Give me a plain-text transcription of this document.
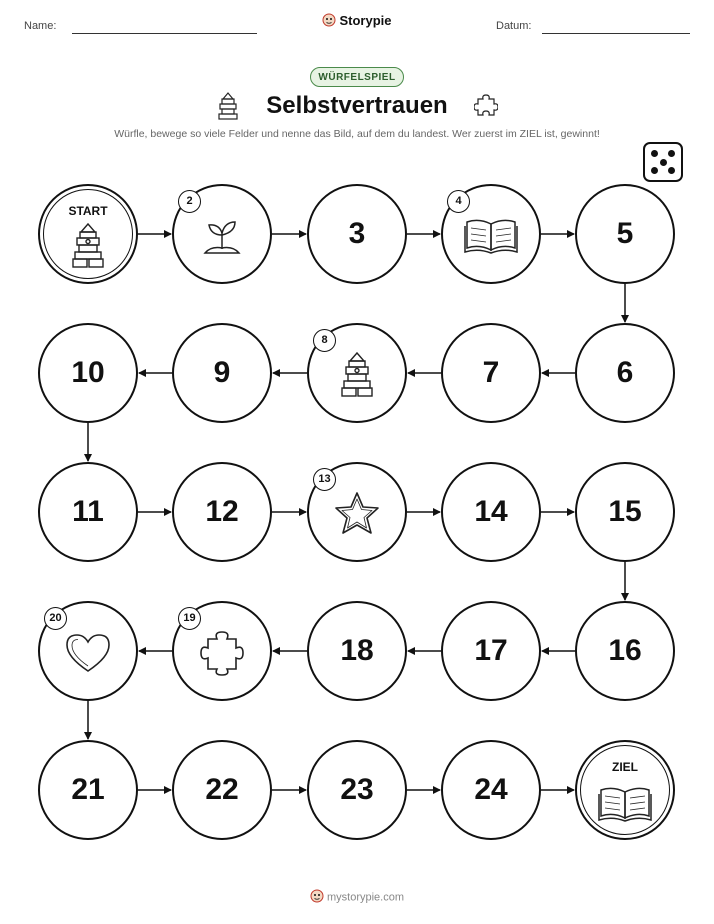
Name:	Storypie	Datum:
WÜRFELSPIEL
Selbstvertrauen
Würfle, bewege so viele Felder und nenne das Bild, auf dem du landest. Wer zuerst im ZIEL ist, gewinnt!
START
2
3
4
5
6
7
8
9
10
11	12
13
14	15
16
17
18
19
20
21	22	23	24
ZIEL
mystorypie.com
